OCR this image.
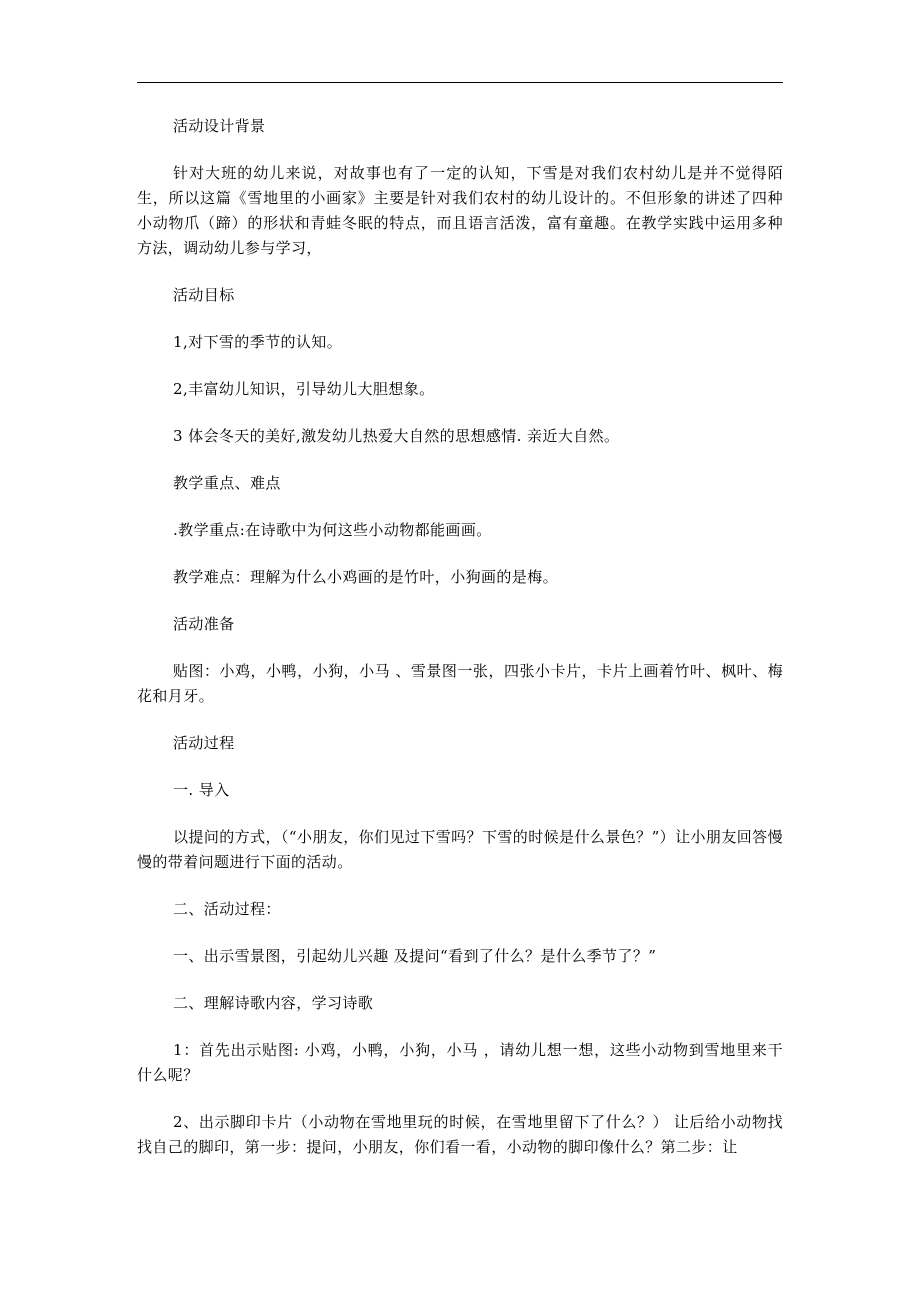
活动设计背景

针对大班的幼儿来说，对故事也有了一定的认知，下雪是对我们农村幼儿是并不觉得陌生，所以这篇《雪地里的小画家》主要是针对我们农村的幼儿设计的。不但形象的讲述了四种小动物爪（蹄）的形状和青蛙冬眠的特点，而且语言活泼，富有童趣。在教学实践中运用多种方法，调动幼儿参与学习，

活动目标

1,对下雪的季节的认知。

2,丰富幼儿知识，引导幼儿大胆想象。

3 体会冬天的美好,激发幼儿热爱大自然的思想感情. 亲近大自然。

教学重点、难点

.教学重点:在诗歌中为何这些小动物都能画画。

教学难点：理解为什么小鸡画的是竹叶，小狗画的是梅。

活动准备

贴图：小鸡，小鸭，小狗，小马 、雪景图一张，四张小卡片，卡片上画着竹叶、枫叶、梅花和月牙。

活动过程

一. 导入

以提问的方式，（“小朋友，你们见过下雪吗？下雪的时候是什么景色？”）让小朋友回答慢慢的带着问题进行下面的活动。

二、活动过程：

一、出示雪景图，引起幼儿兴趣 及提问“看到了什么？是什么季节了？”

二、理解诗歌内容，学习诗歌

1：首先出示贴图: 小鸡，小鸭，小狗，小马 ，请幼儿想一想，这些小动物到雪地里来干什么呢？

2、出示脚印卡片（小动物在雪地里玩的时候，在雪地里留下了什么？） 让后给小动物找找自己的脚印，第一步：提问，小朋友，你们看一看，小动物的脚印像什么？第二步：让
